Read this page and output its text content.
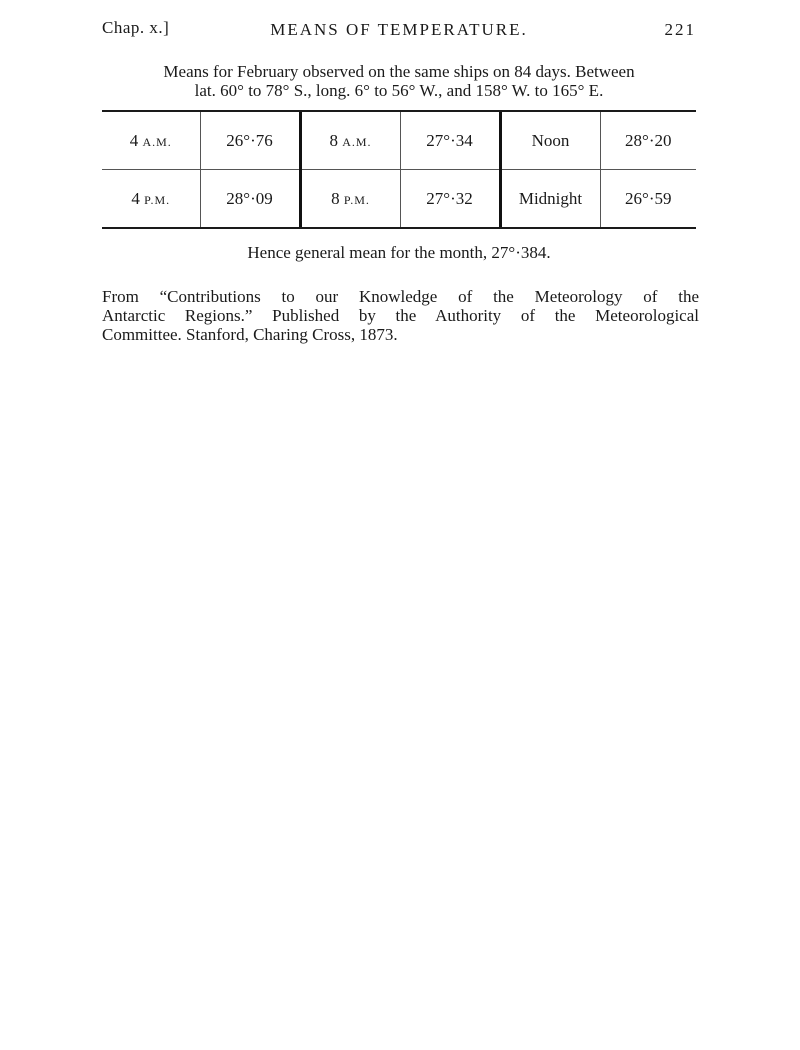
Chap. x.]	MEANS OF TEMPERATURE.	221
Means for February observed on the same ships on 84 days. Between
lat. 60° to 78° S., long. 6° to 56° W., and 158° W. to 165° E.
4 A.M.	26°·76	8 A.M.	27°·34	Noon	28°·20
4 P.M.	28°·09	8 P.M.	27°·32	Midnight	26°·59
Hence general mean for the month, 27°·384.
From “Contributions to our Knowledge of the Meteorology of the
Antarctic Regions.” Published by the Authority of the Meteorological
Committee. Stanford, Charing Cross, 1873.
